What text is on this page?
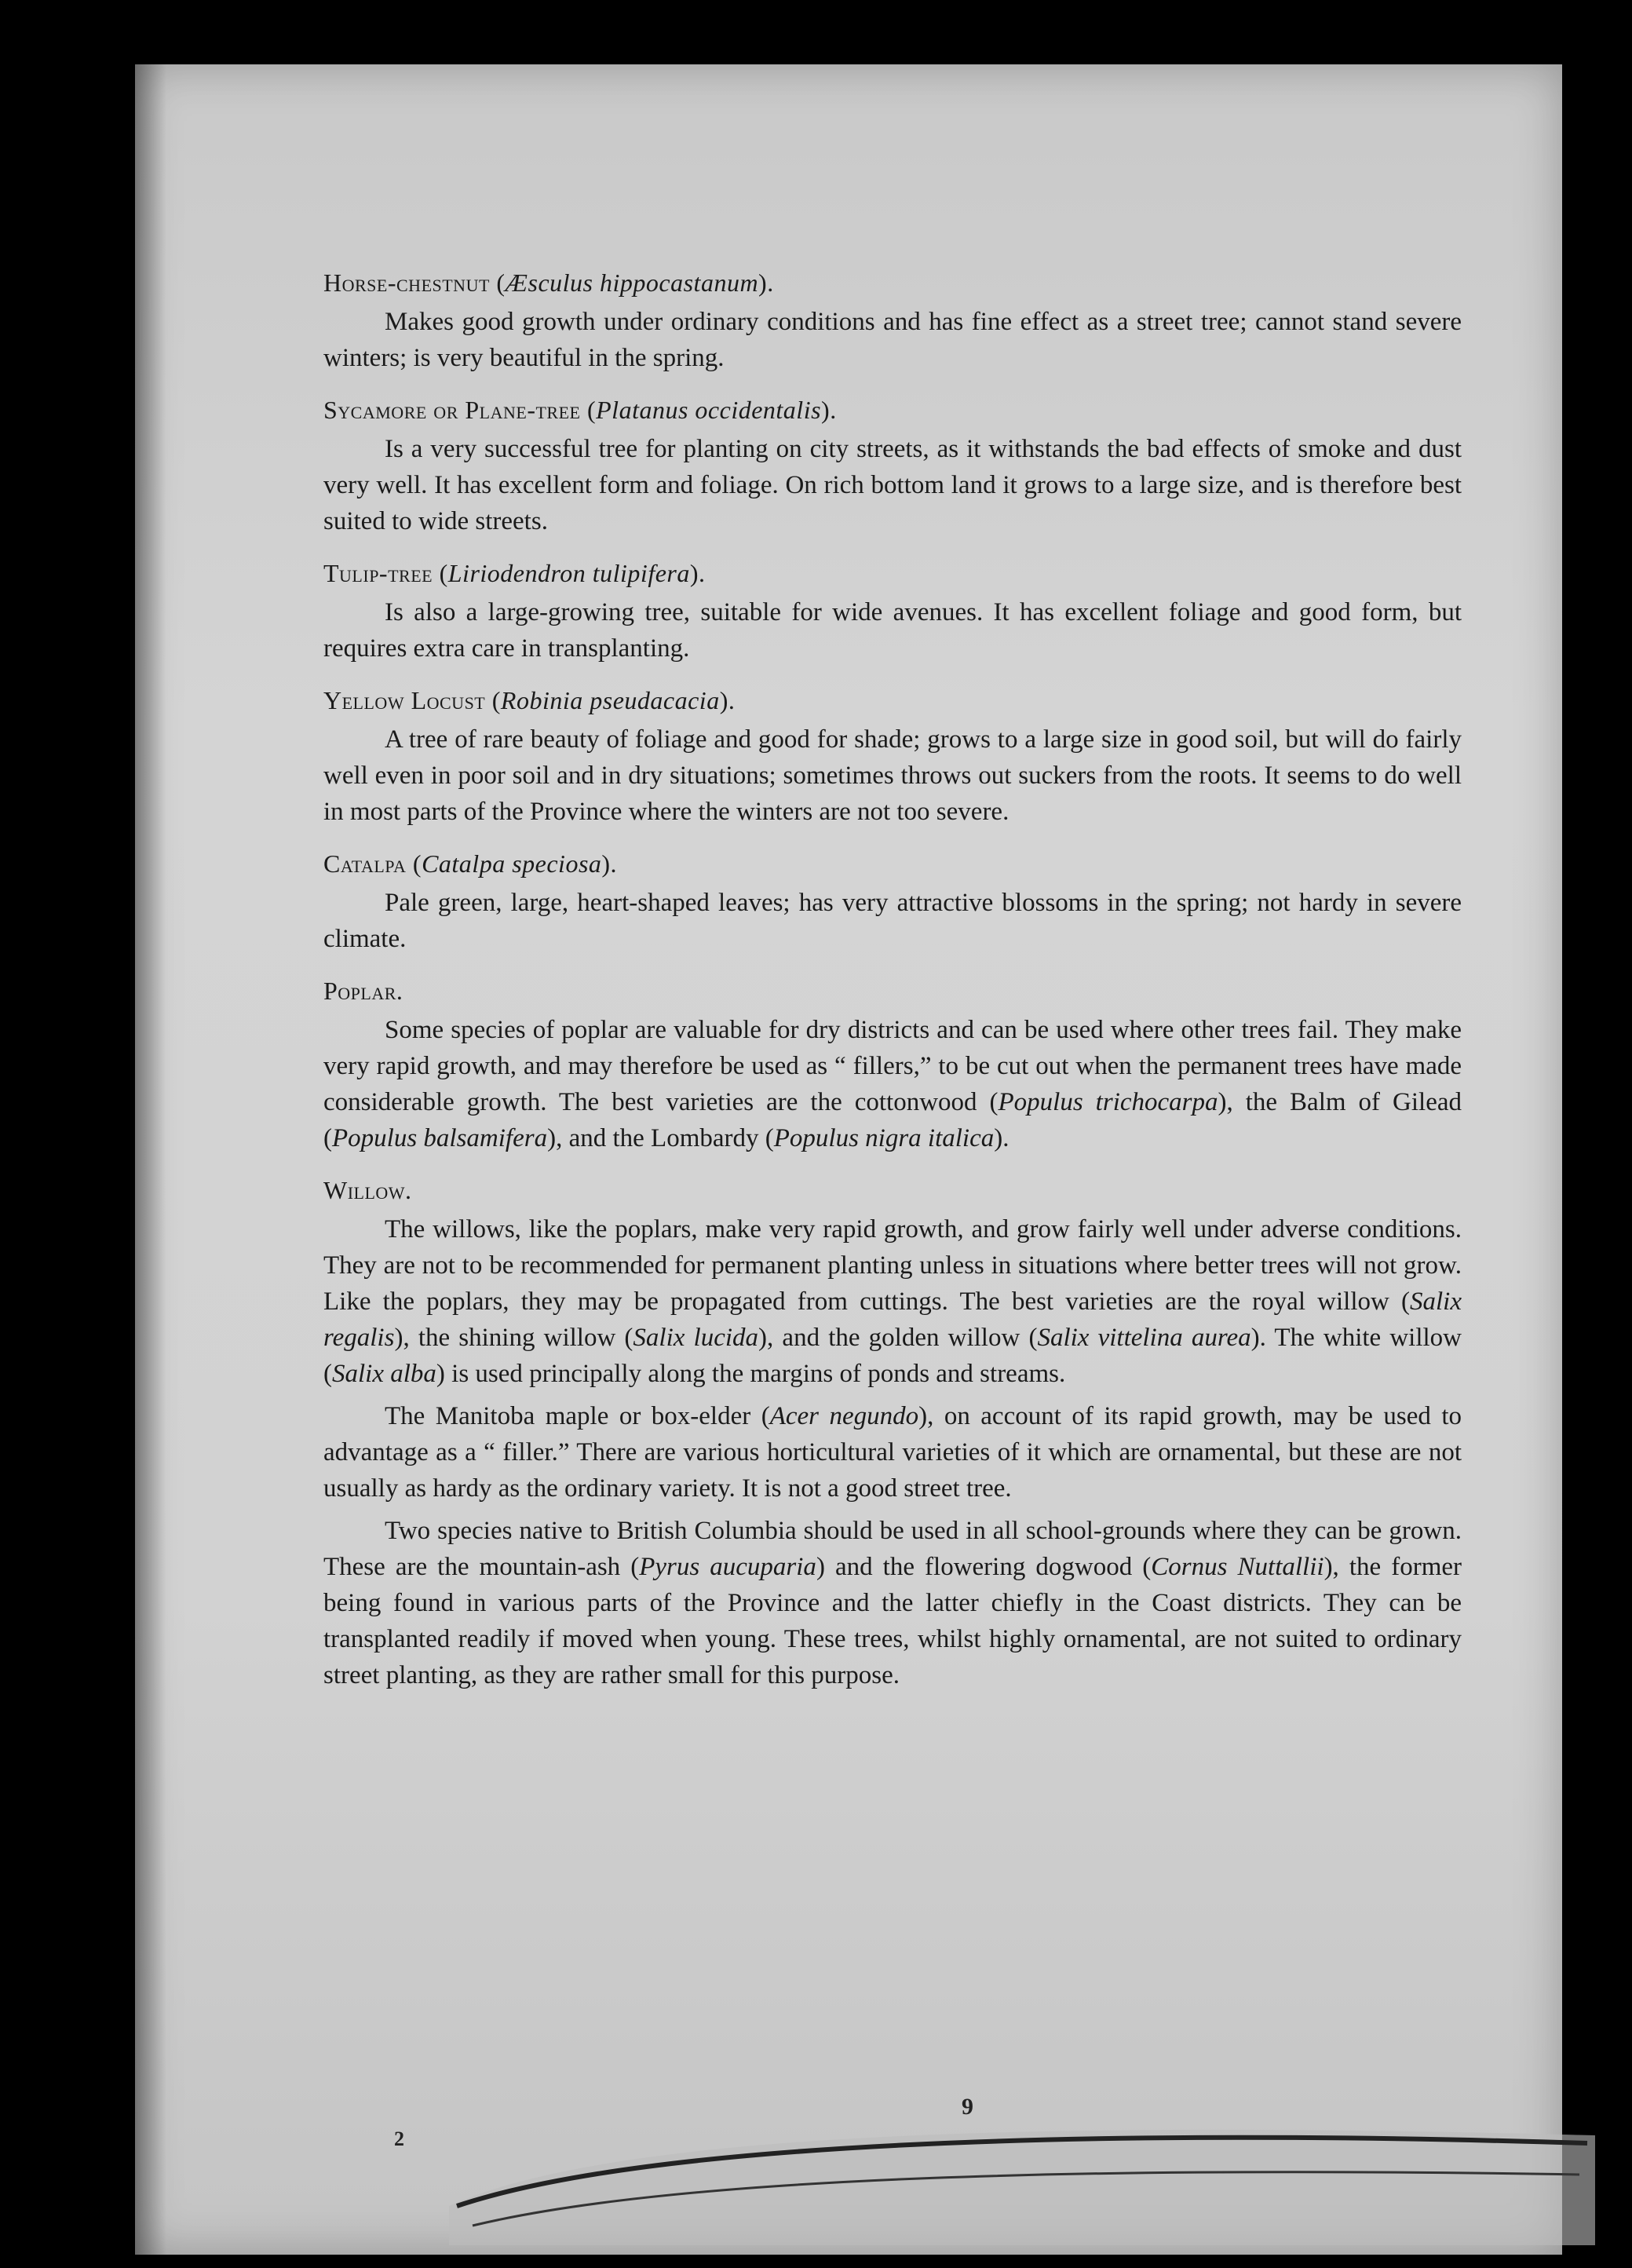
Horse-chestnut (Æsculus hippocastanum).

Makes good growth under ordinary conditions and has fine effect as a street tree; cannot stand severe winters; is very beautiful in the spring.

Sycamore or Plane-tree (Platanus occidentalis).

Is a very successful tree for planting on city streets, as it withstands the bad effects of smoke and dust very well. It has excellent form and foliage. On rich bottom land it grows to a large size, and is therefore best suited to wide streets.

Tulip-tree (Liriodendron tulipifera).

Is also a large-growing tree, suitable for wide avenues. It has excellent foliage and good form, but requires extra care in transplanting.

Yellow Locust (Robinia pseudacacia).

A tree of rare beauty of foliage and good for shade; grows to a large size in good soil, but will do fairly well even in poor soil and in dry situations; sometimes throws out suckers from the roots. It seems to do well in most parts of the Province where the winters are not too severe.

Catalpa (Catalpa speciosa).

Pale green, large, heart-shaped leaves; has very attractive blossoms in the spring; not hardy in severe climate.

Poplar.

Some species of poplar are valuable for dry districts and can be used where other trees fail. They make very rapid growth, and may therefore be used as “ fillers,” to be cut out when the permanent trees have made considerable growth. The best varieties are the cottonwood (Populus trichocarpa), the Balm of Gilead (Populus balsamifera), and the Lombardy (Populus nigra italica).

Willow.

The willows, like the poplars, make very rapid growth, and grow fairly well under adverse conditions. They are not to be recommended for permanent planting unless in situations where better trees will not grow. Like the poplars, they may be propagated from cuttings. The best varieties are the royal willow (Salix regalis), the shining willow (Salix lucida), and the golden willow (Salix vittelina aurea). The white willow (Salix alba) is used principally along the margins of ponds and streams.

The Manitoba maple or box-elder (Acer negundo), on account of its rapid growth, may be used to advantage as a “ filler.” There are various horticultural varieties of it which are ornamental, but these are not usually as hardy as the ordinary variety. It is not a good street tree.

Two species native to British Columbia should be used in all school-grounds where they can be grown. These are the mountain-ash (Pyrus aucuparia) and the flowering dogwood (Cornus Nuttallii), the former being found in various parts of the Province and the latter chiefly in the Coast districts. They can be transplanted readily if moved when young. These trees, whilst highly ornamental, are not suited to ordinary street planting, as they are rather small for this purpose.

9
2
